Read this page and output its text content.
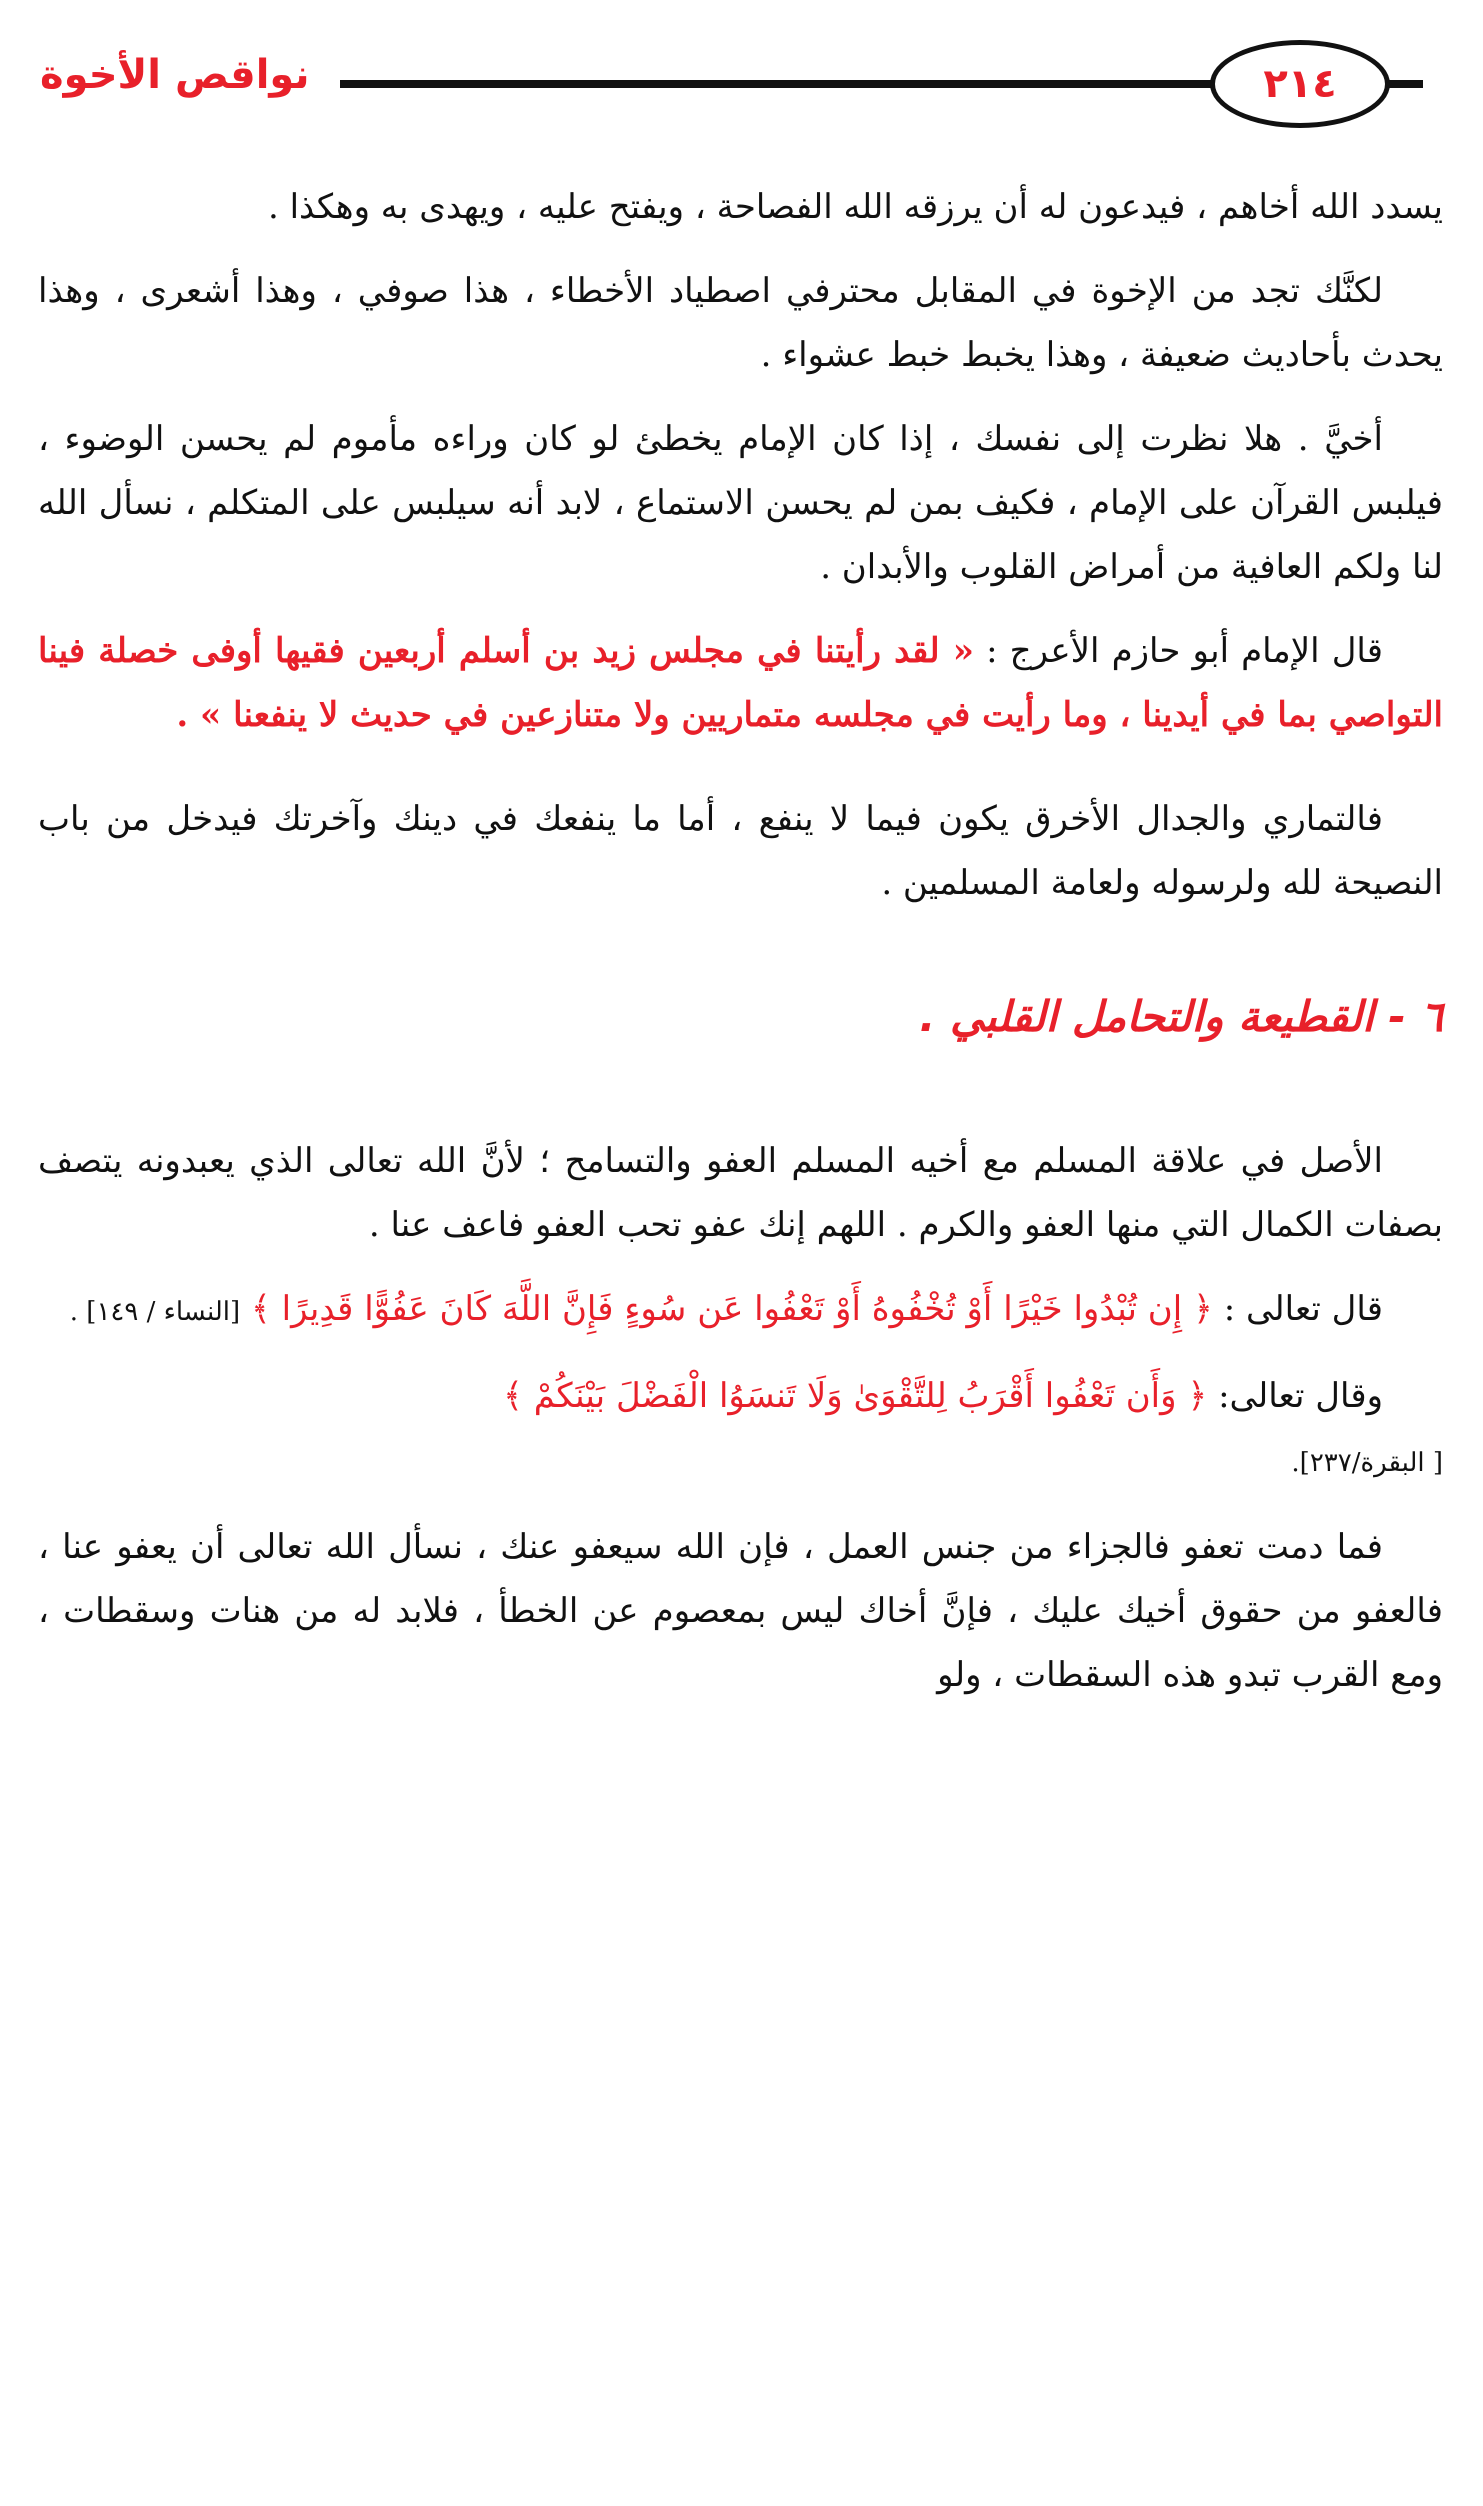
نواقص الأخوة	٢١٤

يسدد الله أخاهم ، فيدعون له أن يرزقه الله الفصاحة ، ويفتح عليه ، ويهدى به وهكذا .

لكنَّك تجد من الإخوة في المقابل محترفي اصطياد الأخطاء ، هذا صوفي ، وهذا أشعرى ، وهذا يحدث بأحاديث ضعيفة ، وهذا يخبط خبط عشواء .

أخيَّ . هلا نظرت إلى نفسك ، إذا كان الإمام يخطئ لو كان وراءه مأموم لم يحسن الوضوء ، فيلبس القرآن على الإمام ، فكيف بمن لم يحسن الاستماع ، لابد أنه سيلبس على المتكلم ، نسأل الله لنا ولكم العافية من أمراض القلوب والأبدان .

قال الإمام أبو حازم الأعرج : « لقد رأيتنا في مجلس زيد بن أسلم أربعين فقيها أوفى خصلة فينا التواصي بما في أيدينا ، وما رأيت في مجلسه متماريين ولا متنازعين في حديث لا ينفعنا » .

فالتماري والجدال الأخرق يكون فيما لا ينفع ، أما ما ينفعك في دينك وآخرتك فيدخل من باب النصيحة لله ولرسوله ولعامة المسلمين .

٦ - القطيعة والتحامل القلبي .

الأصل في علاقة المسلم مع أخيه المسلم العفو والتسامح ؛ لأنَّ الله تعالى الذي يعبدونه يتصف بصفات الكمال التي منها العفو والكرم . اللهم إنك عفو تحب العفو فاعف عنا .

قال تعالى : ﴿ إِن تُبْدُوا خَيْرًا أَوْ تُخْفُوهُ أَوْ تَعْفُوا عَن سُوءٍ فَإِنَّ اللَّهَ كَانَ عَفُوًّا قَدِيرًا ﴾ [النساء / ١٤٩] .

وقال تعالى: ﴿ وَأَن تَعْفُوا أَقْرَبُ لِلتَّقْوَىٰ وَلَا تَنسَوُا الْفَضْلَ بَيْنَكُمْ ﴾
[ البقرة/٢٣٧].

فما دمت تعفو فالجزاء من جنس العمل ، فإن الله سيعفو عنك ، نسأل الله تعالى أن يعفو عنا ، فالعفو من حقوق أخيك عليك ، فإنَّ أخاك ليس بمعصوم عن الخطأ ، فلابد له من هنات وسقطات ، ومع القرب تبدو هذه السقطات ، ولو
